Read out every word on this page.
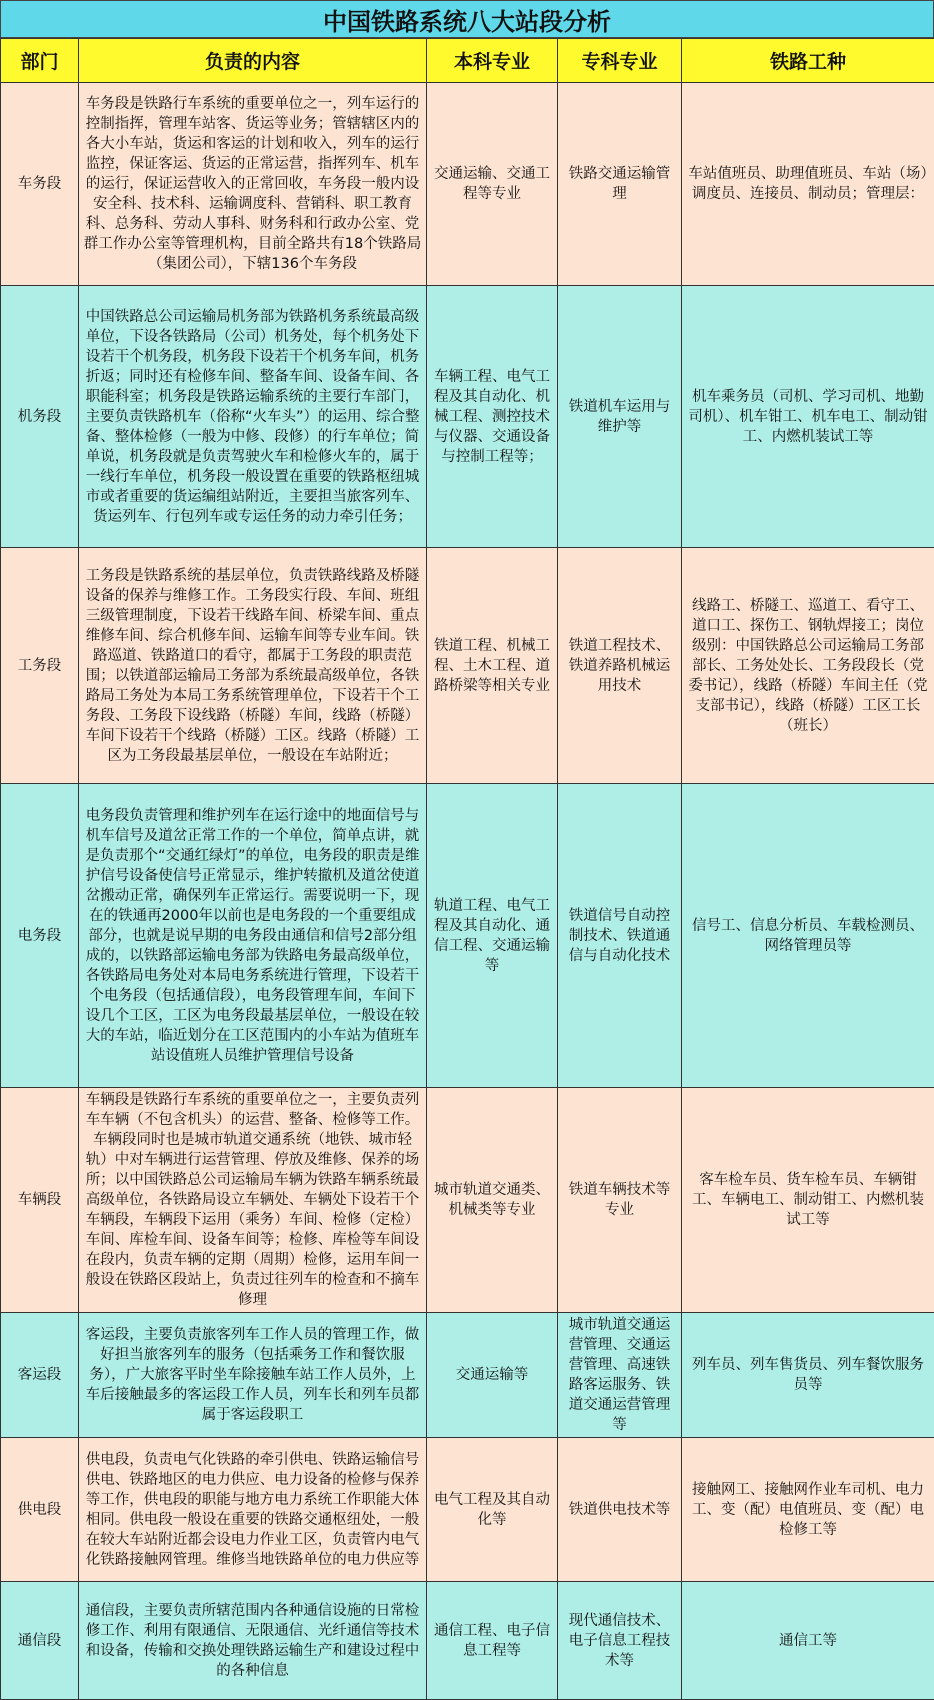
中国铁路系统八大站段分析
部门	负责的内容	本科专业	专科专业	铁路工种
车务段	车务段是铁路行车系统的重要单位之一，列车运行的控制指挥，管理车站客、货运等业务；管辖辖区内的各大小车站，货运和客运的计划和收入，列车的运行监控，保证客运、货运的正常运营，指挥列车、机车的运行，保证运营收入的正常回收，车务段一般内设安全科、技术科、运输调度科、营销科、职工教育科、总务科、劳动人事科、财务科和行政办公室、党群工作办公室等管理机构，目前全路共有18个铁路局（集团公司），下辖136个车务段	交通运输、交通工程等专业	铁路交通运输管理	车站值班员、助理值班员、车站（场）调度员、连接员、制动员；管理层：
机务段	中国铁路总公司运输局机务部为铁路机务系统最高级单位，下设各铁路局（公司）机务处，每个机务处下设若干个机务段，机务段下设若干个机务车间，机务折返；同时还有检修车间、整备车间、设备车间、各职能科室；机务段是铁路运输系统的主要行车部门，主要负责铁路机车（俗称“火车头”）的运用、综合整备、整体检修（一般为中修、段修）的行车单位；简单说，机务段就是负责驾驶火车和检修火车的，属于一线行车单位，机务段一般设置在重要的铁路枢纽城市或者重要的货运编组站附近，主要担当旅客列车、货运列车、行包列车或专运任务的动力牵引任务；	车辆工程、电气工程及其自动化、机械工程、测控技术与仪器、交通设备与控制工程等；	铁道机车运用与维护等	机车乘务员（司机、学习司机、地勤司机）、机车钳工、机车电工、制动钳工、内燃机装试工等
工务段	工务段是铁路系统的基层单位，负责铁路线路及桥隧设备的保养与维修工作。工务段实行段、车间、班组三级管理制度，下设若干线路车间、桥梁车间、重点维修车间、综合机修车间、运输车间等专业车间。铁路巡道、铁路道口的看守，都属于工务段的职责范围；以铁道部运输局工务部为系统最高级单位，各铁路局工务处为本局工务系统管理单位，下设若干个工务段、工务段下设线路（桥隧）车间，线路（桥隧）车间下设若干个线路（桥隧）工区。线路（桥隧）工区为工务段最基层单位，一般设在车站附近；	铁道工程、机械工程、土木工程、道路桥梁等相关专业	铁道工程技术、铁道养路机械运用技术	线路工、桥隧工、巡道工、看守工、道口工、探伤工、钢轨焊接工；岗位级别：中国铁路总公司运输局工务部部长、工务处处长、工务段段长（党委书记），线路（桥隧）车间主任（党支部书记），线路（桥隧）工区工长（班长）
电务段	电务段负责管理和维护列车在运行途中的地面信号与机车信号及道岔正常工作的一个单位，简单点讲，就是负责那个“交通红绿灯”的单位，电务段的职责是维护信号设备使信号正常显示，维护转撤机及道岔使道岔搬动正常，确保列车正常运行。需要说明一下，现在的铁通再2000年以前也是电务段的一个重要组成部分，也就是说早期的电务段由通信和信号2部分组成的，以铁路部运输电务部为铁路电务最高级单位，各铁路局电务处对本局电务系统进行管理，下设若干个电务段（包括通信段），电务段管理车间，车间下设几个工区，工区为电务段最基层单位，一般设在较大的车站，临近划分在工区范围内的小车站为值班车站设值班人员维护管理信号设备	轨道工程、电气工程及其自动化、通信工程、交通运输等	铁道信号自动控制技术、铁道通信与自动化技术	信号工、信息分析员、车载检测员、网络管理员等
车辆段	车辆段是铁路行车系统的重要单位之一，主要负责列车车辆（不包含机头）的运营、整备、检修等工作。车辆段同时也是城市轨道交通系统（地铁、城市轻轨）中对车辆进行运营管理、停放及维修、保养的场所；以中国铁路总公司运输局车辆为铁路车辆系统最高级单位，各铁路局设立车辆处、车辆处下设若干个车辆段，车辆段下运用（乘务）车间、检修（定检）车间、库检车间、设备车间等；检修、库检等车间设在段内，负责车辆的定期（周期）检修，运用车间一般设在铁路区段站上，负责过往列车的检查和不摘车修理	城市轨道交通类、机械类等专业	铁道车辆技术等专业	客车检车员、货车检车员、车辆钳工、车辆电工、制动钳工、内燃机装试工等
客运段	客运段，主要负责旅客列车工作人员的管理工作，做好担当旅客列车的服务（包括乘务工作和餐饮服务），广大旅客平时坐车除接触车站工作人员外，上车后接触最多的客运段工作人员，列车长和列车员都属于客运段职工	交通运输等	城市轨道交通运营管理、交通运营管理、高速铁路客运服务、铁道交通运营管理等	列车员、列车售货员、列车餐饮服务员等
供电段	供电段，负责电气化铁路的牵引供电、铁路运输信号供电、铁路地区的电力供应、电力设备的检修与保养等工作，供电段的职能与地方电力系统工作职能大体相同。供电段一般设在重要的铁路交通枢纽处，一般在较大车站附近都会设电力作业工区，负责管内电气化铁路接触网管理。维修当地铁路单位的电力供应等	电气工程及其自动化等	铁道供电技术等	接触网工、接触网作业车司机、电力工、变（配）电值班员、变（配）电检修工等
通信段	通信段，主要负责所辖范围内各种通信设施的日常检修工作、利用有限通信、无限通信、光纤通信等技术和设备，传输和交换处理铁路运输生产和建设过程中的各种信息	通信工程、电子信息工程等	现代通信技术、电子信息工程技术等	通信工等
